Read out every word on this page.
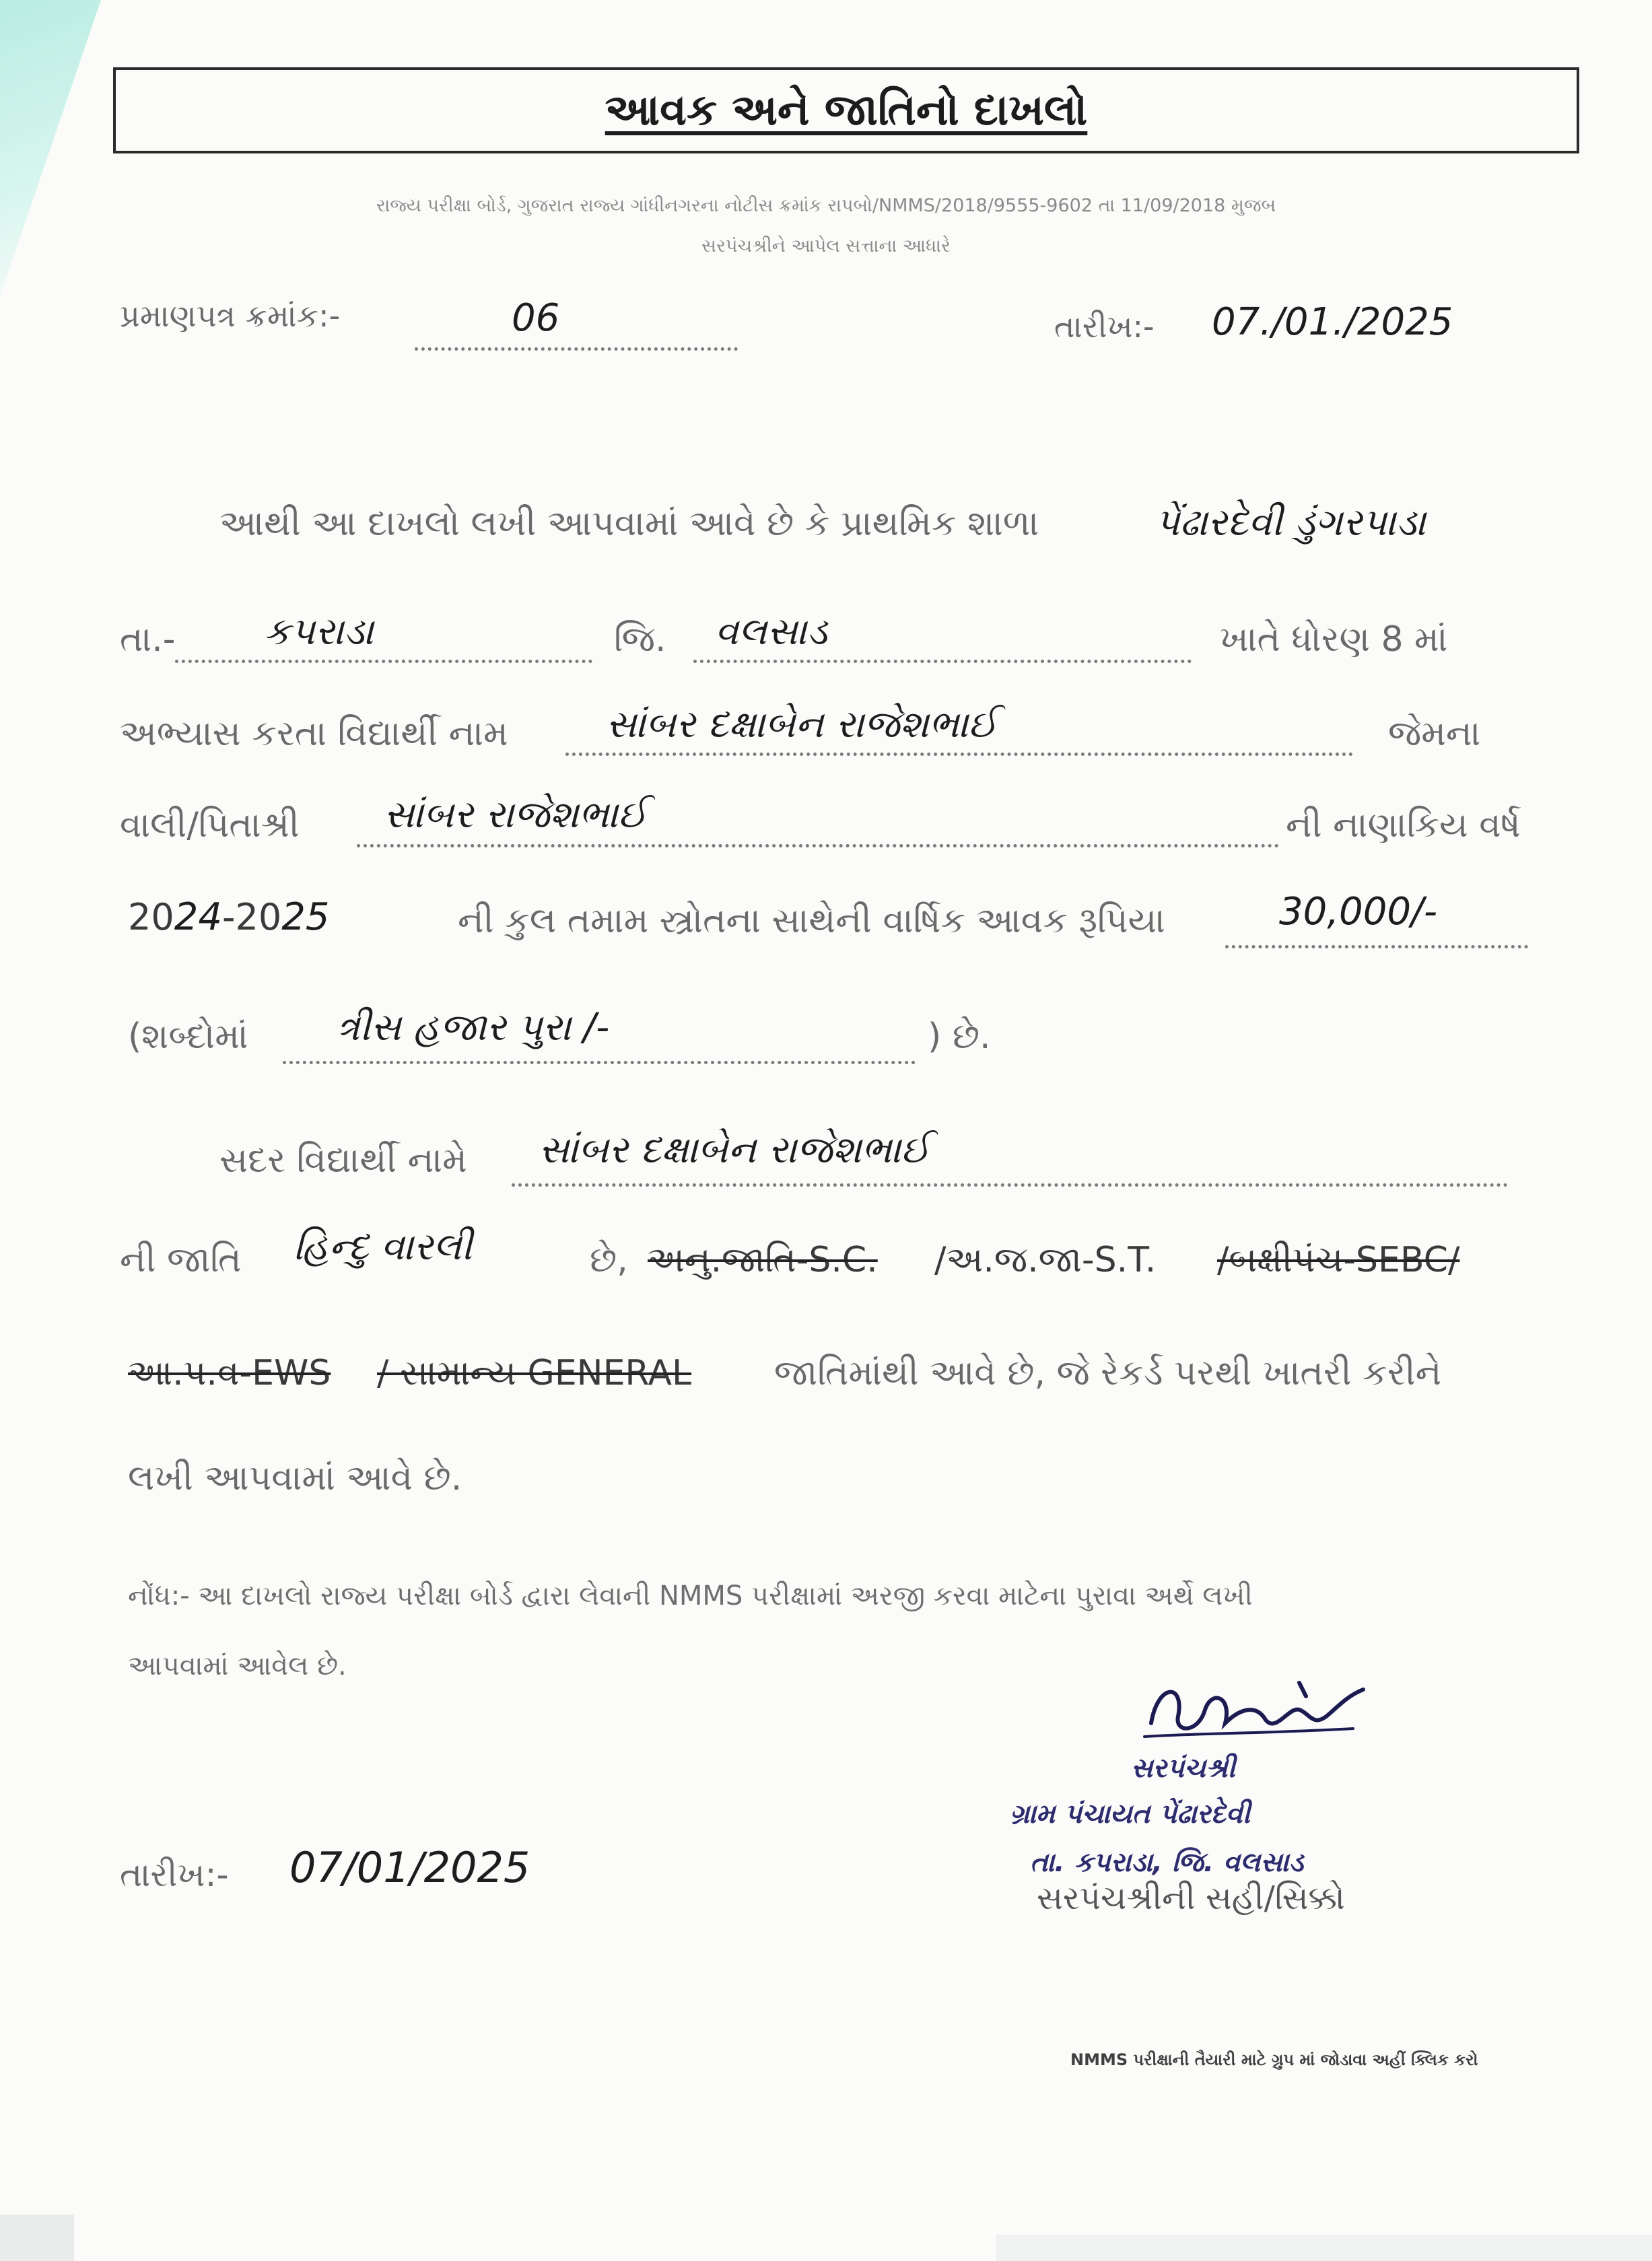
આવક અને જાતિનો દાખલો
રાજ્ય પરીક્ષા બોર્ડ, ગુજરાત રાજ્ય ગાંધીનગરના નોટીસ ક્રમાંક રાપબો/NMMS/2018/9555-9602 તા 11/09/2018 મુજબ
સરપંચશ્રીને આપેલ સત્તાના આધારે
પ્રમાણપત્ર ક્રમાંક:-	06	તારીખ:- 07./01./2025
આથી આ દાખલો લખી આપવામાં આવે છે કે પ્રાથમિક શાળા	પેંઢારદેવી ડુંગરપાડા
તા.- કપરાડા	જિ. વલસાડ	ખાતે ધોરણ 8 માં
અભ્યાસ કરતા વિદ્યાર્થી નામ	સાંબર દક્ષાબેન રાજેશભાઈ	જેમના
વાલી/પિતાશ્રી સાંબર રાજેશભાઈ	ની નાણાકિય વર્ષ
2024-2025	ની કુલ તમામ સ્ત્રોતના સાથેની વાર્ષિક આવક રૂપિયા	30,000/-
(શબ્દોમાં ત્રીસ હજાર પુરા /-	) છે.
સદર વિદ્યાર્થી નામે સાંબર દક્ષાબેન રાજેશભાઈ
ની જાતિ હિન્દુ વારલી	છે, અનુ.જાતિ-S.C. /અ.જ.જા-S.T. /બક્ષીપંચ-SEBC/
આ.પ.વ-EWS / સામાન્ય GENERAL જાતિમાંથી આવે છે, જે રેકર્ડ પરથી ખાતરી કરીને
લખી આપવામાં આવે છે.
નોંધ:- આ દાખલો રાજ્ય પરીક્ષા બોર્ડ દ્વારા લેવાની NMMS પરીક્ષામાં અરજી કરવા માટેના પુરાવા અર્થે લખી
આપવામાં આવેલ છે.
સરપંચશ્રી
ગ્રામ પંચાયત પેંઢારદેવી
તા. કપરાડા, જિ. વલસાડ
સરપંચશ્રીની સહી/સિક્કો
તારીખ:- 07/01/2025
NMMS પરીક્ષાની તૈયારી માટે ગ્રુપ માં જોડાવા અહીં ક્લિક કરો
